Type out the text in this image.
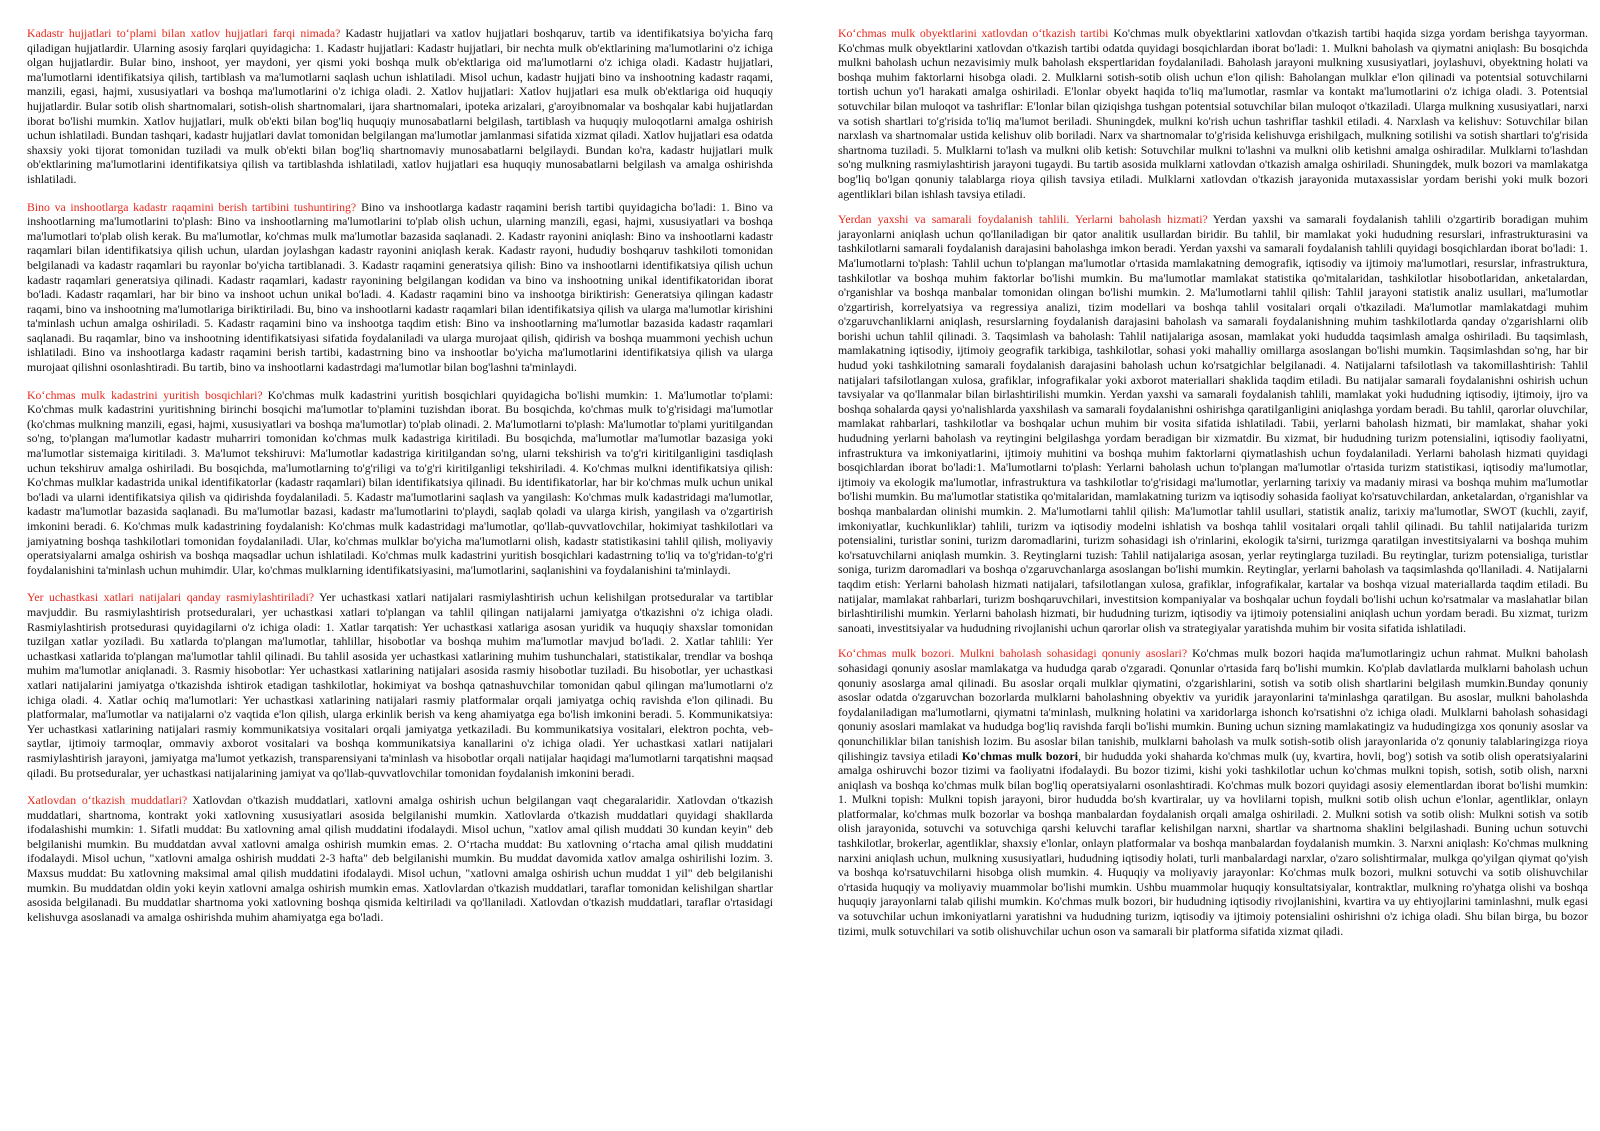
Kadastr hujjatlari to‘plami bilan xatlov hujjatlari farqi nimada? Kadastr hujjatlari va xatlov hujjatlari boshqaruv, tartib va identifikatsiya bo'yicha farq qiladigan hujjatlardir. Ularning asosiy farqlari quyidagicha: 1. Kadastr hujjatlari: Kadastr hujjatlari, bir nechta mulk ob'ektlarining ma'lumotlarini o'z ichiga olgan hujjatlardir. Bular bino, inshoot, yer maydoni, yer qismi yoki boshqa mulk ob'ektlariga oid ma'lumotlarni o'z ichiga oladi. Kadastr hujjatlari, ma'lumotlarni identifikatsiya qilish, tartiblash va ma'lumotlarni saqlash uchun ishlatiladi. Misol uchun, kadastr hujjati bino va inshootning kadastr raqami, manzili, egasi, hajmi, xususiyatlari va boshqa ma'lumotlarini o'z ichiga oladi. 2. Xatlov hujjatlari: Xatlov hujjatlari esa mulk ob'ektlariga oid huquqiy hujjatlardir. Bular sotib olish shartnomalari, sotish-olish shartnomalari, ijara shartnomalari, ipoteka arizalari, g'aroyibnomalar va boshqalar kabi hujjatlardan iborat bo'lishi mumkin. Xatlov hujjatlari, mulk ob'ekti bilan bog'liq huquqiy munosabatlarni belgilash, tartiblash va huquqiy muloqotlarni amalga oshirish uchun ishlatiladi. Bundan tashqari, kadastr hujjatlari davlat tomonidan belgilangan ma'lumotlar jamlanmasi sifatida xizmat qiladi. Xatlov hujjatlari esa odatda shaxsiy yoki tijorat tomonidan tuziladi va mulk ob'ekti bilan bog'liq shartnomaviy munosabatlarni belgilaydi. Bundan ko'ra, kadastr hujjatlari mulk ob'ektlarining ma'lumotlarini identifikatsiya qilish va tartiblashda ishlatiladi, xatlov hujjatlari esa huquqiy munosabatlarni belgilash va amalga oshirishda ishlatiladi.

Bino va inshootlarga kadastr raqamini berish tartibini tushuntiring? Bino va inshootlarga kadastr raqamini berish tartibi quyidagicha bo'ladi: 1. Bino va inshootlarning ma'lumotlarini to'plash: Bino va inshootlarning ma'lumotlarini to'plab olish uchun, ularning manzili, egasi, hajmi, xususiyatlari va boshqa ma'lumotlari to'plab olish kerak. Bu ma'lumotlar, ko'chmas mulk ma'lumotlar bazasida saqlanadi. 2. Kadastr rayonini aniqlash: Bino va inshootlarni kadastr raqamlari bilan identifikatsiya qilish uchun, ulardan joylashgan kadastr rayonini aniqlash kerak. Kadastr rayoni, hududiy boshqaruv tashkiloti tomonidan belgilanadi va kadastr raqamlari bu rayonlar bo'yicha tartiblanadi. 3. Kadastr raqamini generatsiya qilish: Bino va inshootlarni identifikatsiya qilish uchun kadastr raqamlari generatsiya qilinadi. Kadastr raqamlari, kadastr rayonining belgilangan kodidan va bino va inshootning unikal identifikatoridan iborat bo'ladi. Kadastr raqamlari, har bir bino va inshoot uchun unikal bo'ladi. 4. Kadastr raqamini bino va inshootga biriktirish: Generatsiya qilingan kadastr raqami, bino va inshootning ma'lumotlariga biriktiriladi. Bu, bino va inshootlarni kadastr raqamlari bilan identifikatsiya qilish va ularga ma'lumotlar kirishini ta'minlash uchun amalga oshiriladi. 5. Kadastr raqamini bino va inshootga taqdim etish: Bino va inshootlarning ma'lumotlar bazasida kadastr raqamlari saqlanadi. Bu raqamlar, bino va inshootning identifikatsiyasi sifatida foydalaniladi va ularga murojaat qilish, qidirish va boshqa muammoni yechish uchun ishlatiladi. Bino va inshootlarga kadastr raqamini berish tartibi, kadastrning bino va inshootlar bo'yicha ma'lumotlarini identifikatsiya qilish va ularga murojaat qilishni osonlashtiradi. Bu tartib, bino va inshootlarni kadastrdagi ma'lumotlar bilan bog'lashni ta'minlaydi.

Ko‘chmas mulk kadastrini yuritish bosqichlari? Ko'chmas mulk kadastrini yuritish bosqichlari quyidagicha bo'lishi mumkin: 1. Ma'lumotlar to'plami: Ko'chmas mulk kadastrini yuritishning birinchi bosqichi ma'lumotlar to'plamini tuzishdan iborat. Bu bosqichda, ko'chmas mulk to'g'risidagi ma'lumotlar (ko'chmas mulkning manzili, egasi, hajmi, xususiyatlari va boshqa ma'lumotlar) to'plab olinadi. 2. Ma'lumotlarni to'plash: Ma'lumotlar to'plami yuritilgandan so'ng, to'plangan ma'lumotlar kadastr muharriri tomonidan ko'chmas mulk kadastriga kiritiladi. Bu bosqichda, ma'lumotlar ma'lumotlar bazasiga yoki ma'lumotlar sistemaiga kiritiladi. 3. Ma'lumot tekshiruvi: Ma'lumotlar kadastriga kiritilgandan so'ng, ularni tekshirish va to'g'ri kiritilganligini tasdiqlash uchun tekshiruv amalga oshiriladi. Bu bosqichda, ma'lumotlarning to'g'riligi va to'g'ri kiritilganligi tekshiriladi. 4. Ko'chmas mulkni identifikatsiya qilish: Ko'chmas mulklar kadastrida unikal identifikatorlar (kadastr raqamlari) bilan identifikatsiya qilinadi. Bu identifikatorlar, har bir ko'chmas mulk uchun unikal bo'ladi va ularni identifikatsiya qilish va qidirishda foydalaniladi. 5. Kadastr ma'lumotlarini saqlash va yangilash: Ko'chmas mulk kadastridagi ma'lumotlar, kadastr ma'lumotlar bazasida saqlanadi. Bu ma'lumotlar bazasi, kadastr ma'lumotlarini to'playdi, saqlab qoladi va ularga kirish, yangilash va o'zgartirish imkonini beradi. 6. Ko'chmas mulk kadastrining foydalanish: Ko'chmas mulk kadastridagi ma'lumotlar, qo'llab-quvvatlovchilar, hokimiyat tashkilotlari va jamiyatning boshqa tashkilotlari tomonidan foydalaniladi. Ular, ko'chmas mulklar bo'yicha ma'lumotlarni olish, kadastr statistikasini tahlil qilish, moliyaviy operatsiyalarni amalga oshirish va boshqa maqsadlar uchun ishlatiladi. Ko'chmas mulk kadastrini yuritish bosqichlari kadastrning to'liq va to'g'ridan-to'g'ri foydalanishini ta'minlash uchun muhimdir. Ular, ko'chmas mulklarning identifikatsiyasini, ma'lumotlarini, saqlanishini va foydalanishini ta'minlaydi.

Yer uchastkasi xatlari natijalari qanday rasmiylashtiriladi? Yer uchastkasi xatlari natijalari rasmiylashtirish uchun kelishilgan protseduralar va tartiblar mavjuddir. Bu rasmiylashtirish protseduralari, yer uchastkasi xatlari to'plangan va tahlil qilingan natijalarni jamiyatga o'tkazishni o'z ichiga oladi. Rasmiylashtirish protsedurasi quyidagilarni o'z ichiga oladi: 1. Xatlar tarqatish: Yer uchastkasi xatlariga asosan yuridik va huquqiy shaxslar tomonidan tuzilgan xatlar yoziladi. Bu xatlarda to'plangan ma'lumotlar, tahlillar, hisobotlar va boshqa muhim ma'lumotlar mavjud bo'ladi. 2. Xatlar tahlili: Yer uchastkasi xatlarida to'plangan ma'lumotlar tahlil qilinadi. Bu tahlil asosida yer uchastkasi xatlarining muhim tushunchalari, statistikalar, trendlar va boshqa muhim ma'lumotlar aniqlanadi. 3. Rasmiy hisobotlar: Yer uchastkasi xatlarining natijalari asosida rasmiy hisobotlar tuziladi. Bu hisobotlar, yer uchastkasi xatlari natijalarini jamiyatga o'tkazishda ishtirok etadigan tashkilotlar, hokimiyat va boshqa qatnashuvchilar tomonidan qabul qilingan ma'lumotlarni o'z ichiga oladi. 4. Xatlar ochiq ma'lumotlari: Yer uchastkasi xatlarining natijalari rasmiy platformalar orqali jamiyatga ochiq ravishda e'lon qilinadi. Bu platformalar, ma'lumotlar va natijalarni o'z vaqtida e'lon qilish, ularga erkinlik berish va keng ahamiyatga ega bo'lish imkonini beradi. 5. Kommunikatsiya: Yer uchastkasi xatlarining natijalari rasmiy kommunikatsiya vositalari orqali jamiyatga yetkaziladi. Bu kommunikatsiya vositalari, elektron pochta, veb-saytlar, ijtimoiy tarmoqlar, ommaviy axborot vositalari va boshqa kommunikatsiya kanallarini o'z ichiga oladi. Yer uchastkasi xatlari natijalari rasmiylashtirish jarayoni, jamiyatga ma'lumot yetkazish, transparensiyani ta'minlash va hisobotlar orqali natijalar haqidagi ma'lumotlarni tarqatishni maqsad qiladi. Bu protseduralar, yer uchastkasi natijalarining jamiyat va qo'llab-quvvatlovchilar tomonidan foydalanish imkonini beradi.

Xatlovdan o‘tkazish muddatlari? Xatlovdan o'tkazish muddatlari, xatlovni amalga oshirish uchun belgilangan vaqt chegaralaridir. Xatlovdan o'tkazish muddatlari, shartnoma, kontrakt yoki xatlovning xususiyatlari asosida belgilanishi mumkin. Xatlovlarda o'tkazish muddatlari quyidagi shakllarda ifodalashishi mumkin: 1. Sifatli muddat: Bu xatlovning amal qilish muddatini ifodalaydi. Misol uchun, "xatlov amal qilish muddati 30 kundan keyin" deb belgilanishi mumkin. Bu muddatdan avval xatlovni amalga oshirish mumkin emas. 2. O‘rtacha muddat: Bu xatlovning o‘rtacha amal qilish muddatini ifodalaydi. Misol uchun, "xatlovni amalga oshirish muddati 2-3 hafta" deb belgilanishi mumkin. Bu muddat davomida xatlov amalga oshirilishi lozim. 3. Maxsus muddat: Bu xatlovning maksimal amal qilish muddatini ifodalaydi. Misol uchun, "xatlovni amalga oshirish uchun muddat 1 yil" deb belgilanishi mumkin. Bu muddatdan oldin yoki keyin xatlovni amalga oshirish mumkin emas. Xatlovlardan o'tkazish muddatlari, taraflar tomonidan kelishilgan shartlar asosida belgilanadi. Bu muddatlar shartnoma yoki xatlovning boshqa qismida keltiriladi va qo'llaniladi. Xatlovdan o'tkazish muddatlari, taraflar o'rtasidagi kelishuvga asoslanadi va amalga oshirishda muhim ahamiyatga ega bo'ladi.

Ko‘chmas mulk obyektlarini xatlovdan o‘tkazish tartibi Ko'chmas mulk obyektlarini xatlovdan o'tkazish tartibi haqida sizga yordam berishga tayyorman. Ko'chmas mulk obyektlarini xatlovdan o'tkazish tartibi odatda quyidagi bosqichlardan iborat bo'ladi: 1. Mulkni baholash va qiymatni aniqlash: Bu bosqichda mulkni baholash uchun nezavisimiy mulk baholash ekspertlaridan foydalaniladi. Baholash jarayoni mulkning xususiyatlari, joylashuvi, obyektning holati va boshqa muhim faktorlarni hisobga oladi. 2. Mulklarni sotish-sotib olish uchun e'lon qilish: Baholangan mulklar e'lon qilinadi va potentsial sotuvchilarni tortish uchun yo'l harakati amalga oshiriladi. E'lonlar obyekt haqida to'liq ma'lumotlar, rasmlar va kontakt ma'lumotlarini o'z ichiga oladi. 3. Potentsial sotuvchilar bilan muloqot va tashriflar: E'lonlar bilan qiziqishga tushgan potentsial sotuvchilar bilan muloqot o'tkaziladi. Ularga mulkning xususiyatlari, narxi va sotish shartlari to'g'risida to'liq ma'lumot beriladi. Shuningdek, mulkni ko'rish uchun tashriflar tashkil etiladi. 4. Narxlash va kelishuv: Sotuvchilar bilan narxlash va shartnomalar ustida kelishuv olib boriladi. Narx va shartnomalar to'g'risida kelishuvga erishilgach, mulkning sotilishi va sotish shartlari to'g'risida shartnoma tuziladi. 5. Mulklarni to'lash va mulkni olib ketish: Sotuvchilar mulkni to'lashni va mulkni olib ketishni amalga oshiradilar. Mulklarni to'lashdan so'ng mulkning rasmiylashtirish jarayoni tugaydi. Bu tartib asosida mulklarni xatlovdan o'tkazish amalga oshiriladi. Shuningdek, mulk bozori va mamlakatga bog'liq bo'lgan qonuniy talablarga rioya qilish tavsiya etiladi. Mulklarni xatlovdan o'tkazish jarayonida mutaxassislar yordam berishi yoki mulk bozori agentliklari bilan ishlash tavsiya etiladi.

Yerdan yaxshi va samarali foydalanish tahlili. Yerlarni baholash hizmati? Yerdan yaxshi va samarali foydalanish tahlili o'zgartirib boradigan muhim jarayonlarni aniqlash uchun qo'llaniladigan bir qator analitik usullardan biridir. Bu tahlil, bir mamlakat yoki hududning resurslari, infrastrukturasini va tashkilotlarni samarali foydalanish darajasini baholashga imkon beradi. Yerdan yaxshi va samarali foydalanish tahlili quyidagi bosqichlardan iborat bo'ladi: 1. Ma'lumotlarni to'plash: Tahlil uchun to'plangan ma'lumotlar o'rtasida mamlakatning demografik, iqtisodiy va ijtimoiy ma'lumotlari, resurslar, infrastruktura, tashkilotlar va boshqa muhim faktorlar bo'lishi mumkin. Bu ma'lumotlar mamlakat statistika qo'mitalaridan, tashkilotlar hisobotlaridan, anketalardan, o'rganishlar va boshqa manbalar tomonidan olingan bo'lishi mumkin. 2. Ma'lumotlarni tahlil qilish: Tahlil jarayoni statistik analiz usullari, ma'lumotlar o'zgartirish, korrelyatsiya va regressiya analizi, tizim modellari va boshqa tahlil vositalari orqali o'tkaziladi. Ma'lumotlar mamlakatdagi muhim o'zgaruvchanliklarni aniqlash, resurslarning foydalanish darajasini baholash va samarali foydalanishning muhim tashkilotlarda qanday o'zgarishlarni olib borishi uchun tahlil qilinadi. 3. Taqsimlash va baholash: Tahlil natijalariga asosan, mamlakat yoki hududda taqsimlash amalga oshiriladi. Bu taqsimlash, mamlakatning iqtisodiy, ijtimoiy geografik tarkibiga, tashkilotlar, sohasi yoki mahalliy omillarga asoslangan bo'lishi mumkin. Taqsimlashdan so'ng, har bir hudud yoki tashkilotning samarali foydalanish darajasini baholash uchun ko'rsatgichlar belgilanadi. 4. Natijalarni tafsilotlash va takomillashtirish: Tahlil natijalari tafsilotlangan xulosa, grafiklar, infografikalar yoki axborot materiallari shaklida taqdim etiladi. Bu natijalar samarali foydalanishni oshirish uchun tavsiyalar va qo'llanmalar bilan birlashtirilishi mumkin. Yerdan yaxshi va samarali foydalanish tahlili, mamlakat yoki hududning iqtisodiy, ijtimoiy, ijro va boshqa sohalarda qaysi yo'nalishlarda yaxshilash va samarali foydalanishni oshirishga qaratilganligini aniqlashga yordam beradi. Bu tahlil, qarorlar oluvchilar, mamlakat rahbarlari, tashkilotlar va boshqalar uchun muhim bir vosita sifatida ishlatiladi. Tabii, yerlarni baholash hizmati, bir mamlakat, shahar yoki hududning yerlarni baholash va reytingini belgilashga yordam beradigan bir xizmatdir. Bu xizmat, bir hududning turizm potensialini, iqtisodiy faoliyatni, infrastruktura va imkoniyatlarini, ijtimoiy muhitini va boshqa muhim faktorlarni qiymatlashish uchun foydalaniladi. Yerlarni baholash hizmati quyidagi bosqichlardan iborat bo'ladi:1. Ma'lumotlarni to'plash: Yerlarni baholash uchun to'plangan ma'lumotlar o'rtasida turizm statistikasi, iqtisodiy ma'lumotlar, ijtimoiy va ekologik ma'lumotlar, infrastruktura va tashkilotlar to'g'risidagi ma'lumotlar, yerlarning tarixiy va madaniy mirasi va boshqa muhim ma'lumotlar bo'lishi mumkin. Bu ma'lumotlar statistika qo'mitalaridan, mamlakatning turizm va iqtisodiy sohasida faoliyat ko'rsatuvchilardan, anketalardan, o'rganishlar va boshqa manbalardan olinishi mumkin. 2. Ma'lumotlarni tahlil qilish: Ma'lumotlar tahlil usullari, statistik analiz, tarixiy ma'lumotlar, SWOT (kuchli, zayif, imkoniyatlar, kuchkunliklar) tahlili, turizm va iqtisodiy modelni ishlatish va boshqa tahlil vositalari orqali tahlil qilinadi. Bu tahlil natijalarida turizm potensialini, turistlar sonini, turizm daromadlarini, turizm sohasidagi ish o'rinlarini, ekologik ta'sirni, turizmga qaratilgan investitsiyalarni va boshqa muhim ko'rsatuvchilarni aniqlash mumkin. 3. Reytinglarni tuzish: Tahlil natijalariga asosan, yerlar reytinglarga tuziladi. Bu reytinglar, turizm potensialiga, turistlar soniga, turizm daromadlari va boshqa o'zgaruvchanlarga asoslangan bo'lishi mumkin. Reytinglar, yerlarni baholash va taqsimlashda qo'llaniladi. 4. Natijalarni taqdim etish: Yerlarni baholash hizmati natijalari, tafsilotlangan xulosa, grafiklar, infografikalar, kartalar va boshqa vizual materiallarda taqdim etiladi. Bu natijalar, mamlakat rahbarlari, turizm boshqaruvchilari, investitsion kompaniyalar va boshqalar uchun foydali bo'lishi uchun ko'rsatmalar va maslahatlar bilan birlashtirilishi mumkin. Yerlarni baholash hizmati, bir hududning turizm, iqtisodiy va ijtimoiy potensialini aniqlash uchun yordam beradi. Bu xizmat, turizm sanoati, investitsiyalar va hududning rivojlanishi uchun qarorlar olish va strategiyalar yaratishda muhim bir vosita sifatida ishlatiladi.

Ko‘chmas mulk bozori. Mulkni baholash sohasidagi qonuniy asoslari? Ko'chmas mulk bozori haqida ma'lumotlaringiz uchun rahmat. Mulkni baholash sohasidagi qonuniy asoslar mamlakatga va hududga qarab o'zgaradi. Qonunlar o'rtasida farq bo'lishi mumkin. Ko'plab davlatlarda mulklarni baholash uchun qonuniy asoslarga amal qilinadi. Bu asoslar orqali mulklar qiymatini, o'zgarishlarini, sotish va sotib olish shartlarini belgilash mumkin.Bunday qonuniy asoslar odatda o'zgaruvchan bozorlarda mulklarni baholashning obyektiv va yuridik jarayonlarini ta'minlashga qaratilgan. Bu asoslar, mulkni baholashda foydalaniladigan ma'lumotlarni, qiymatni ta'minlash, mulkning holatini va xaridorlarga ishonch ko'rsatishni o'z ichiga oladi. Mulklarni baholash sohasidagi qonuniy asoslari mamlakat va hududga bog'liq ravishda farqli bo'lishi mumkin. Buning uchun sizning mamlakatingiz va hududingizga xos qonuniy asoslar va qonunchiliklar bilan tanishish lozim. Bu asoslar bilan tanishib, mulklarni baholash va mulk sotish-sotib olish jarayonlarida o'z qonuniy talablaringizga rioya qilishingiz tavsiya etiladi Ko'chmas mulk bozori, bir hududda yoki shaharda ko'chmas mulk (uy, kvartira, hovli, bog') sotish va sotib olish operatsiyalarini amalga oshiruvchi bozor tizimi va faoliyatni ifodalaydi. Bu bozor tizimi, kishi yoki tashkilotlar uchun ko'chmas mulkni topish, sotish, sotib olish, narxni aniqlash va boshqa ko'chmas mulk bilan bog'liq operatsiyalarni osonlashtiradi. Ko'chmas mulk bozori quyidagi asosiy elementlardan iborat bo'lishi mumkin: 1. Mulkni topish: Mulkni topish jarayoni, biror hududda bo'sh kvartiralar, uy va hovlilarni topish, mulkni sotib olish uchun e'lonlar, agentliklar, onlayn platformalar, ko'chmas mulk bozorlar va boshqa manbalardan foydalanish orqali amalga oshiriladi. 2. Mulkni sotish va sotib olish: Mulkni sotish va sotib olish jarayonida, sotuvchi va sotuvchiga qarshi keluvchi taraflar kelishilgan narxni, shartlar va shartnoma shaklini belgilashadi. Buning uchun sotuvchi tashkilotlar, brokerlar, agentliklar, shaxsiy e'lonlar, onlayn platformalar va boshqa manbalardan foydalanish mumkin. 3. Narxni aniqlash: Ko'chmas mulkning narxini aniqlash uchun, mulkning xususiyatlari, hududning iqtisodiy holati, turli manbalardagi narxlar, o'zaro solishtirmalar, mulkga qo'yilgan qiymat qo'yish va boshqa ko'rsatuvchilarni hisobga olish mumkin. 4. Huquqiy va moliyaviy jarayonlar: Ko'chmas mulk bozori, mulkni sotuvchi va sotib olishuvchilar o'rtasida huquqiy va moliyaviy muammolar bo'lishi mumkin. Ushbu muammolar huquqiy konsultatsiyalar, kontraktlar, mulkning ro'yhatga olishi va boshqa huquqiy jarayonlarni talab qilishi mumkin. Ko'chmas mulk bozori, bir hududning iqtisodiy rivojlanishini, kvartira va uy ehtiyojlarini taminlashni, mulk egasi va sotuvchilar uchun imkoniyatlarni yaratishni va hududning turizm, iqtisodiy va ijtimoiy potensialini oshirishni o'z ichiga oladi. Shu bilan birga, bu bozor tizimi, mulk sotuvchilari va sotib olishuvchilar uchun oson va samarali bir platforma sifatida xizmat qiladi.
